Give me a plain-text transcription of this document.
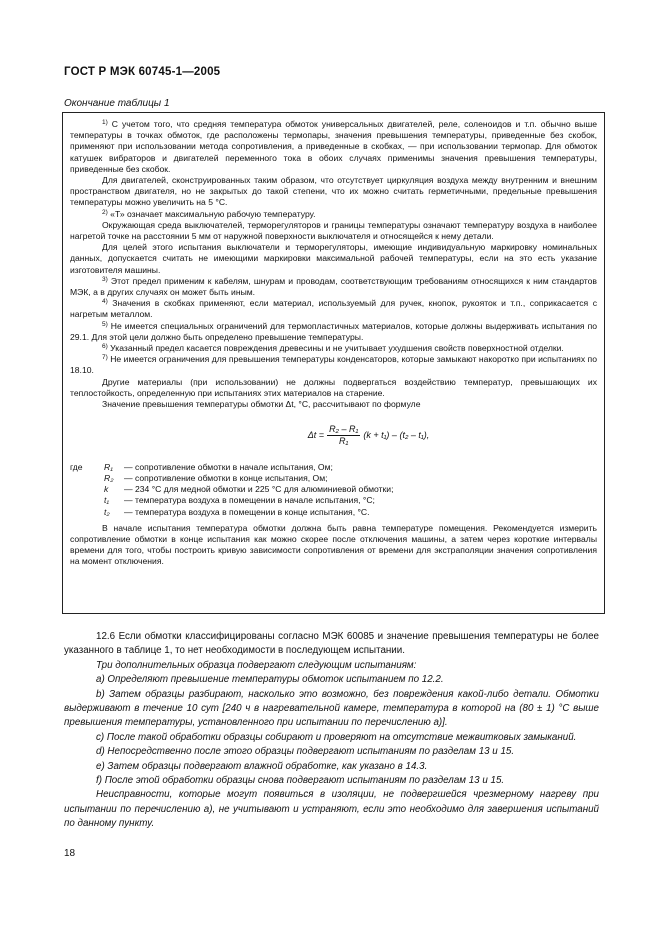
ГОСТ Р МЭК 60745-1—2005
Окончание таблицы 1

$^{1)}$ С учетом того, что средняя температура обмоток универсальных двигателей, реле, соленоидов и т.п. обычно выше температуры в точках обмоток, где расположены термопары, значения превышения температуры, приведенные без скобок, применяют при использовании метода сопротивления, а приведенные в скобках, — при использовании термопар. Для обмоток катушек вибраторов и двигателей переменного тока в обоих случаях применимы значения превышения температуры, приведенные без скобок.

Для двигателей, сконструированных таким образом, что отсутствует циркуляция воздуха между внутренним и внешним пространством двигателя, но не закрытых до такой степени, что их можно считать герметичными, предельные превышения температуры можно увеличить на 5 °С.

$^{2)}$ «Т» означает максимальную рабочую температуру.

Окружающая среда выключателей, терморегуляторов и границы температуры означают температуру воздуха в наиболее нагретой точке на расстоянии 5 мм от наружной поверхности выключателя и относящейся к нему детали.

Для целей этого испытания выключатели и терморегуляторы, имеющие индивидуальную маркировку номинальных данных, допускается считать не имеющими маркировки максимальной рабочей температуры, если на это есть указание изготовителя машины.

$^{3)}$ Этот предел применим к кабелям, шнурам и проводам, соответствующим требованиям относящихся к ним стандартов МЭК, а в других случаях он может быть иным.

$^{4)}$ Значения в скобках применяют, если материал, используемый для ручек, кнопок, рукояток и т.п., соприкасается с нагретым металлом.

$^{5)}$ Не имеется специальных ограничений для термопластичных материалов, которые должны выдерживать испытания по 29.1. Для этой цели должно быть определено превышение температуры.

$^{6)}$ Указанный предел касается повреждения древесины и не учитывает ухудшения свойств поверхностной отделки.

$^{7)}$ Не имеется ограничения для превышения температуры конденсаторов, которые замыкают накоротко при испытаниях по 18.10.

Другие материалы (при использовании) не должны подвергаться воздействию температур, превышающих их теплостойкость, определенную при испытаниях этих материалов на старение.

Значение превышения температуры обмотки Δt, °С, рассчитывают по формуле

$\Delta t = \frac{\text{R₂ – R₁}}{\text{R₁}} (k + t_1) - (t_2 - t_1)$,
где	R₁	— сопротивление обмотки в начале испытания, Ом;
R₂	— сопротивление обмотки в конце испытания, Ом;
k	— 234 °С для медной обмотки и 225 °С для алюминиевой обмотки;
t₁	— температура воздуха в помещении в начале испытания, °С;
t₂	— температура воздуха в помещении в конце испытания, °С.

В начале испытания температура обмотки должна быть равна температуре помещения. Рекомендуется измерить сопротивление обмотки в конце испытания как можно скорее после отключения машины, а затем через короткие интервалы времени для того, чтобы построить кривую зависимости сопротивления от времени для экстраполяции значения сопротивления на момент отключения.

12.6 Если обмотки классифицированы согласно МЭК 60085 и значение превышения температуры не более указанного в таблице 1, то нет необходимости в последующем испытании.

Три дополнительных образца подвергают следующим испытаниям:

a) Определяют превышение температуры обмоток испытанием по 12.2.

b) Затем образцы разбирают, насколько это возможно, без повреждения какой-либо детали. Обмотки выдерживают в течение 10 сут [240 ч в нагревательной камере, температура в которой на (80 ± 1) °С выше превышения температуры, установленного при испытании по перечислению a)].

c) После такой обработки образцы собирают и проверяют на отсутствие межвитковых замыканий.

d) Непосредственно после этого образцы подвергают испытаниям по разделам 13 и 15.

e) Затем образцы подвергают влажной обработке, как указано в 14.3.

f) После этой обработки образцы снова подвергают испытаниям по разделам 13 и 15.

Неисправности, которые могут появиться в изоляции, не подвергшейся чрезмерному нагреву при испытании по перечислению a), не учитывают и устраняют, если это необходимо для завершения испытаний по данному пункту.

18
